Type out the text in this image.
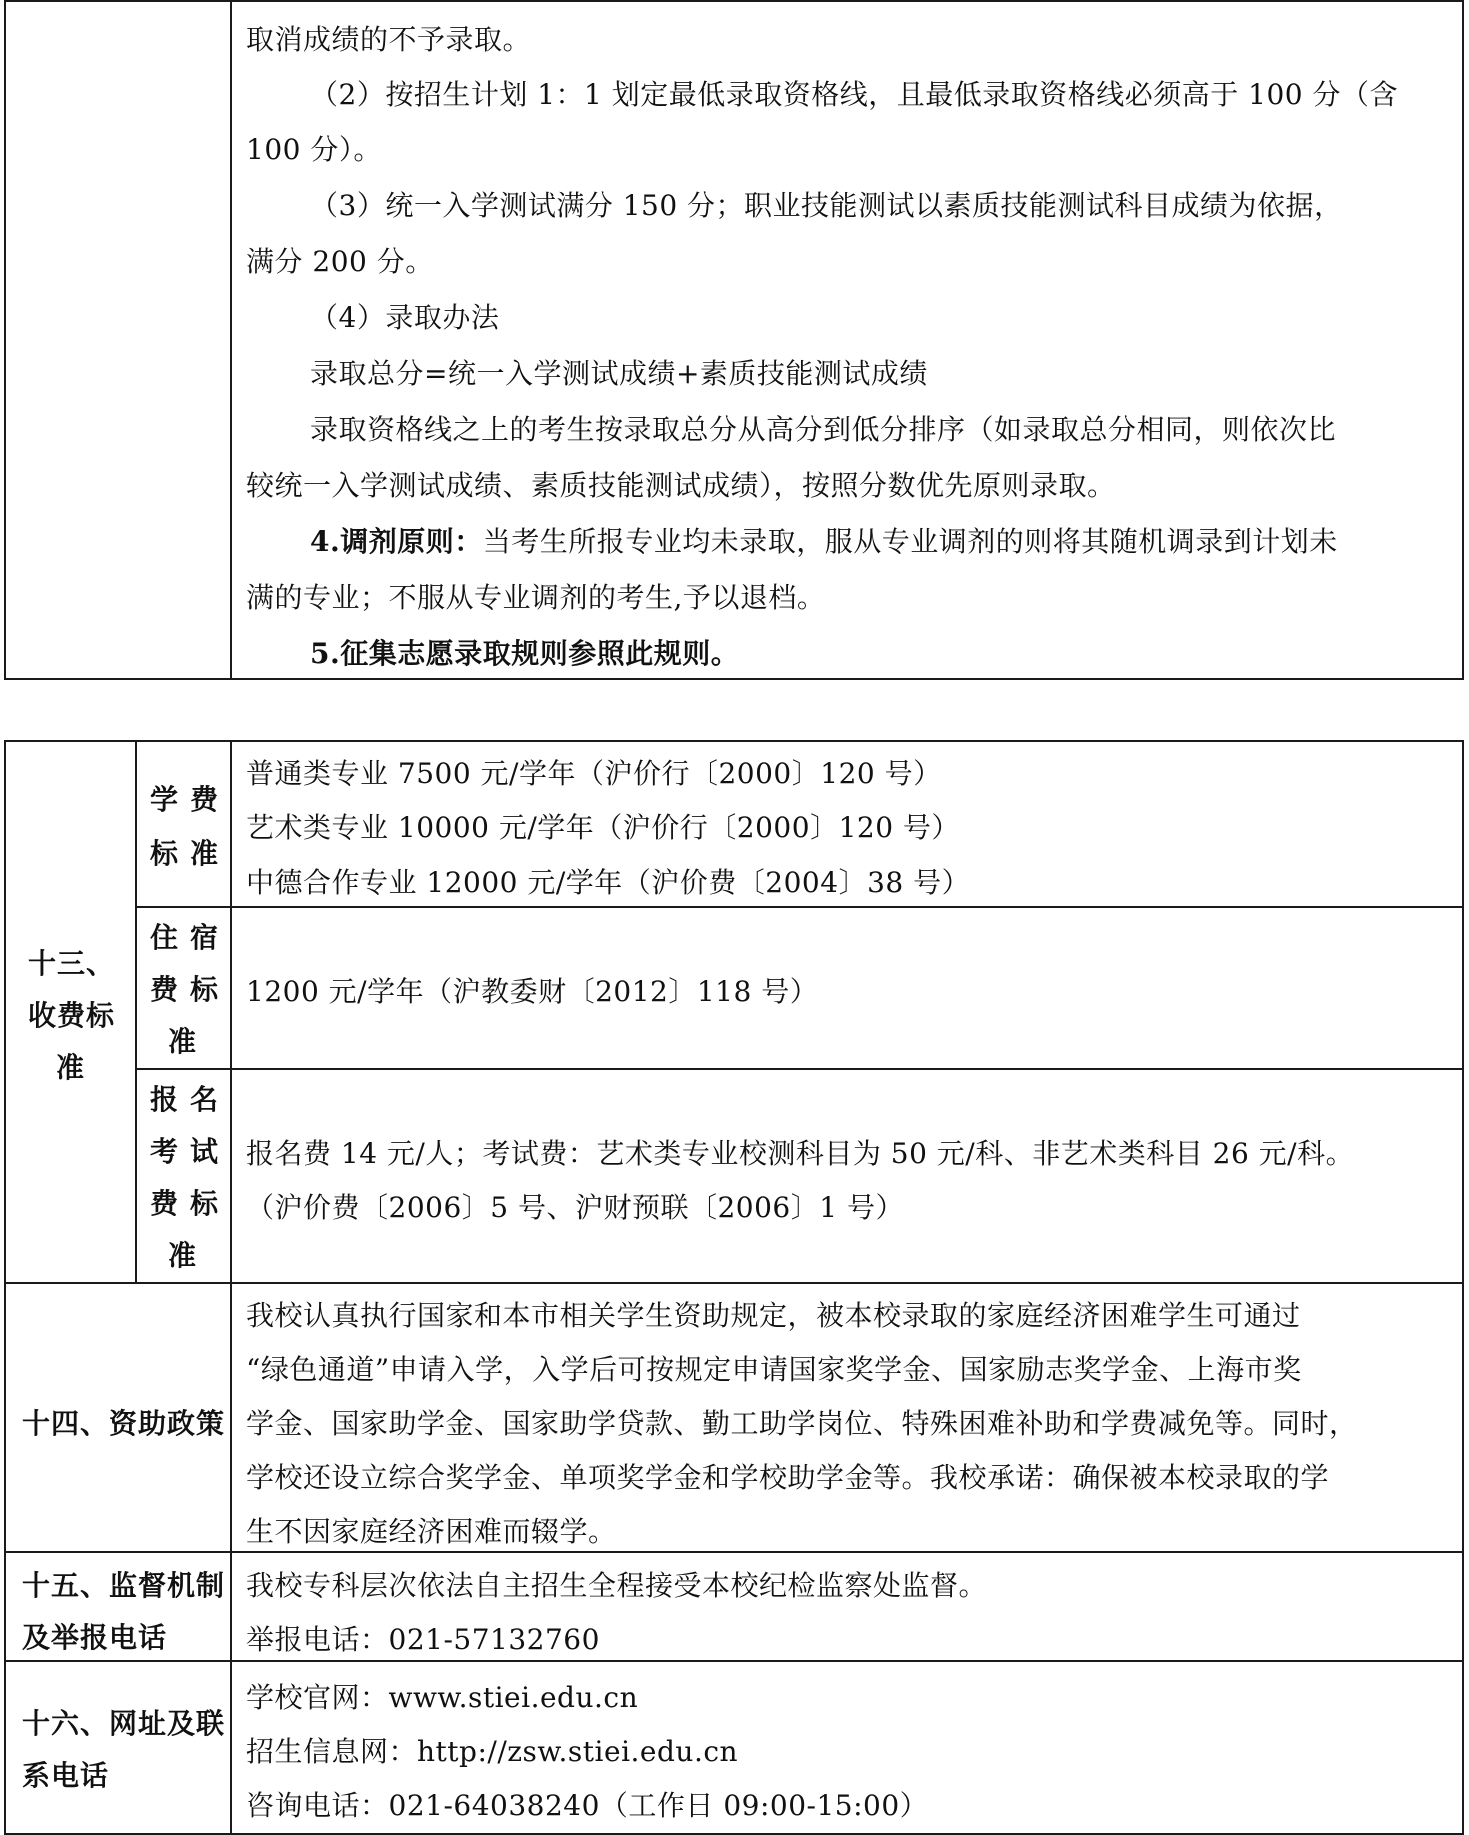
取消成绩的不予录取。
（2）按招生计划 1：1 划定最低录取资格线，且最低录取资格线必须高于 100 分（含
100 分）。
（3）统一入学测试满分 150 分；职业技能测试以素质技能测试科目成绩为依据，
满分 200 分。
（4）录取办法
录取总分=统一入学测试成绩+素质技能测试成绩
录取资格线之上的考生按录取总分从高分到低分排序（如录取总分相同，则依次比
较统一入学测试成绩、素质技能测试成绩），按照分数优先原则录取。
4.调剂原则：当考生所报专业均未录取，服从专业调剂的则将其随机调录到计划未
满的专业；不服从专业调剂的考生,予以退档。
5.征集志愿录取规则参照此规则。
十三、
收费标
准
学费
标准
普通类专业 7500 元/学年（沪价行〔2000〕120 号）
艺术类专业 10000 元/学年（沪价行〔2000〕120 号）
中德合作专业 12000 元/学年（沪价费〔2004〕38 号）
住宿
费标
准
1200 元/学年（沪教委财〔2012〕118 号）
报名
考试
费标
准
报名费 14 元/人；考试费：艺术类专业校测科目为 50 元/科、非艺术类科目 26 元/科。
（沪价费〔2006〕5 号、沪财预联〔2006〕1 号）
十四、资助政策
我校认真执行国家和本市相关学生资助规定，被本校录取的家庭经济困难学生可通过
“绿色通道”申请入学，入学后可按规定申请国家奖学金、国家励志奖学金、上海市奖
学金、国家助学金、国家助学贷款、勤工助学岗位、特殊困难补助和学费减免等。同时，
学校还设立综合奖学金、单项奖学金和学校助学金等。我校承诺：确保被本校录取的学
生不因家庭经济困难而辍学。
十五、监督机制
及举报电话
我校专科层次依法自主招生全程接受本校纪检监察处监督。
举报电话：021-57132760
十六、网址及联
系电话
学校官网：www.stiei.edu.cn
招生信息网：http://zsw.stiei.edu.cn
咨询电话：021-64038240（工作日 09:00-15:00）
